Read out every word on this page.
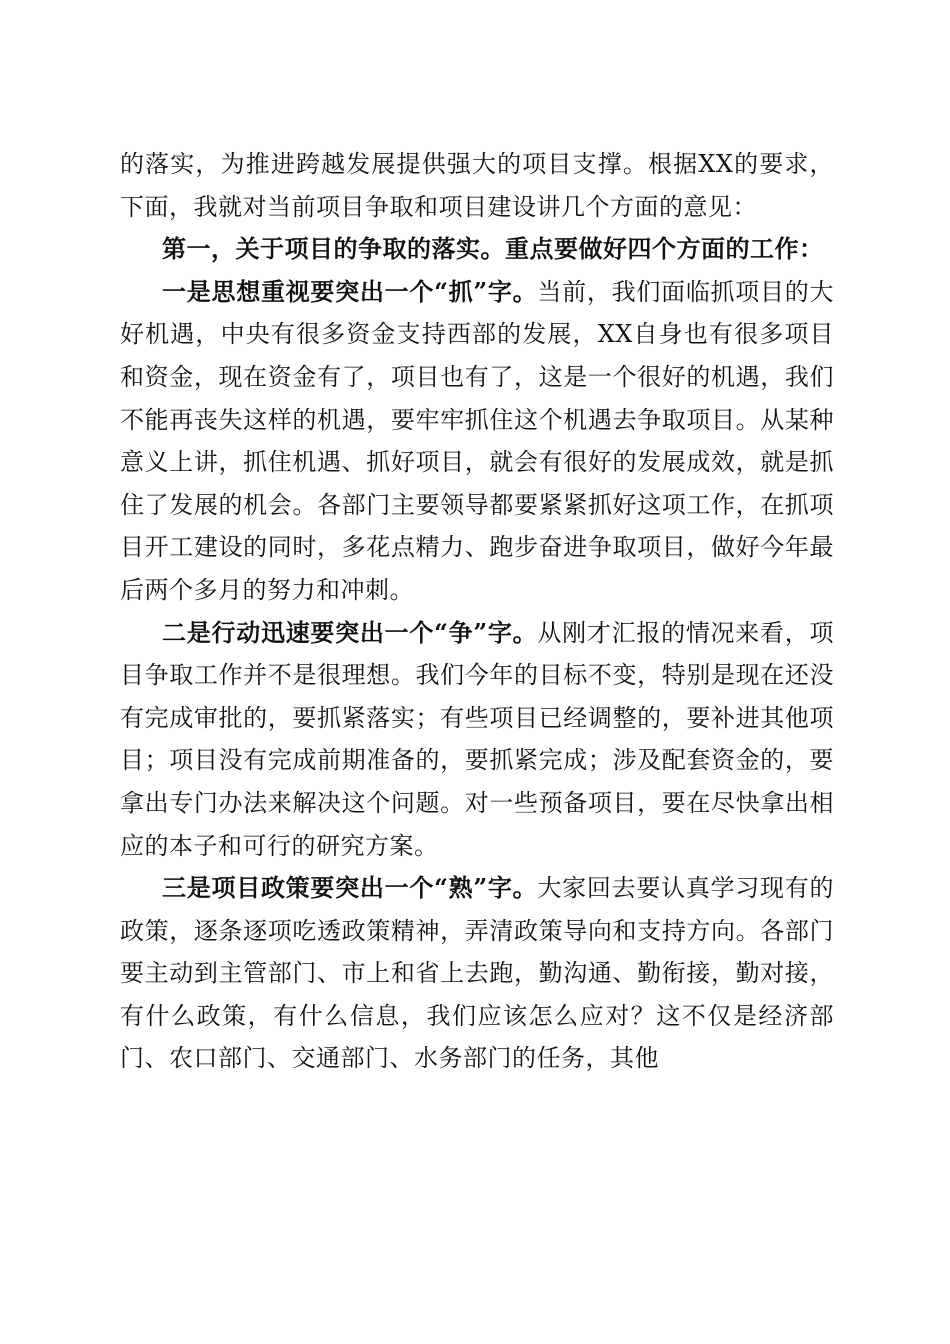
的落实，为推进跨越发展提供强大的项目支撑。根据XX的要求，下面，我就对当前项目争取和项目建设讲几个方面的意见：

第一，关于项目的争取的落实。重点要做好四个方面的工作：

一是思想重视要突出一个“抓”字。当前，我们面临抓项目的大好机遇，中央有很多资金支持西部的发展，XX自身也有很多项目和资金，现在资金有了，项目也有了，这是一个很好的机遇，我们不能再丧失这样的机遇，要牢牢抓住这个机遇去争取项目。从某种意义上讲，抓住机遇、抓好项目，就会有很好的发展成效，就是抓住了发展的机会。各部门主要领导都要紧紧抓好这项工作，在抓项目开工建设的同时，多花点精力、跑步奋进争取项目，做好今年最后两个多月的努力和冲刺。

二是行动迅速要突出一个“争”字。从刚才汇报的情况来看，项目争取工作并不是很理想。我们今年的目标不变，特别是现在还没有完成审批的，要抓紧落实；有些项目已经调整的，要补进其他项目；项目没有完成前期准备的，要抓紧完成；涉及配套资金的，要拿出专门办法来解决这个问题。对一些预备项目，要在尽快拿出相应的本子和可行的研究方案。

三是项目政策要突出一个“熟”字。大家回去要认真学习现有的政策，逐条逐项吃透政策精神，弄清政策导向和支持方向。各部门要主动到主管部门、市上和省上去跑，勤沟通、勤衔接，勤对接，有什么政策，有什么信息，我们应该怎么应对？这不仅是经济部门、农口部门、交通部门、水务部门的任务，其他
